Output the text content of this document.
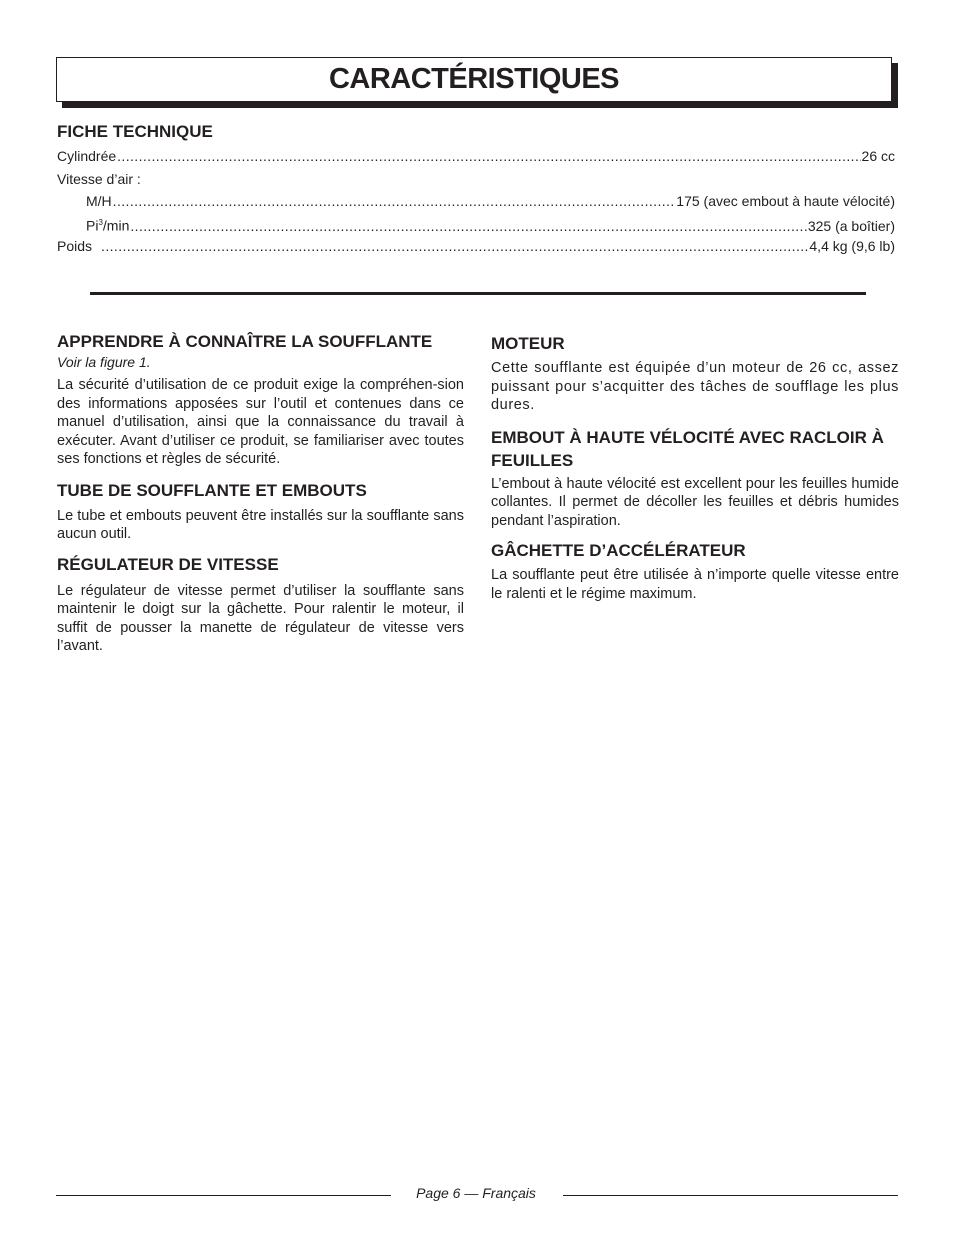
CARACTÉRISTIQUES
FICHE TECHNIQUE
Cylindrée .....	26 cc
Vitesse d’air :
M/H .....	175 (avec embout à haute vélocité)
Pi$^3$/min .....	325 (a boîtier)
Poids .....	4,4 kg (9,6 lb)
APPRENDRE À CONNAÎTRE LA SOUFFLANTE

Voir la figure 1.

La sécurité d’utilisation de ce produit exige la compréhen-sion des informations apposées sur l’outil et contenues dans ce manuel d’utilisation, ainsi que la connaissance du travail à exécuter. Avant d’utiliser ce produit, se familiariser avec toutes ses fonctions et règles de sécurité.

TUBE DE SOUFFLANTE ET EMBOUTS

Le tube et embouts peuvent être installés sur la soufflante sans aucun outil.

RÉGULATEUR DE VITESSE

Le régulateur de vitesse permet d’utiliser la soufflante sans maintenir le doigt sur la gâchette. Pour ralentir le moteur, il suffit de pousser la manette de régulateur de vitesse vers l’avant.

MOTEUR

Cette soufflante est équipée d’un moteur de 26 cc, assez puissant pour s’acquitter des tâches de soufflage les plus dures.

EMBOUT À HAUTE VÉLOCITÉ AVEC RACLOIR À FEUILLES

L’embout à haute vélocité est excellent pour les feuilles humide collantes. Il permet de décoller les feuilles et débris humides pendant l’aspiration.

GÂCHETTE D’ACCÉLÉRATEUR

La soufflante peut être utilisée à n’importe quelle vitesse entre le ralenti et le régime maximum.

Page 6 — Français
